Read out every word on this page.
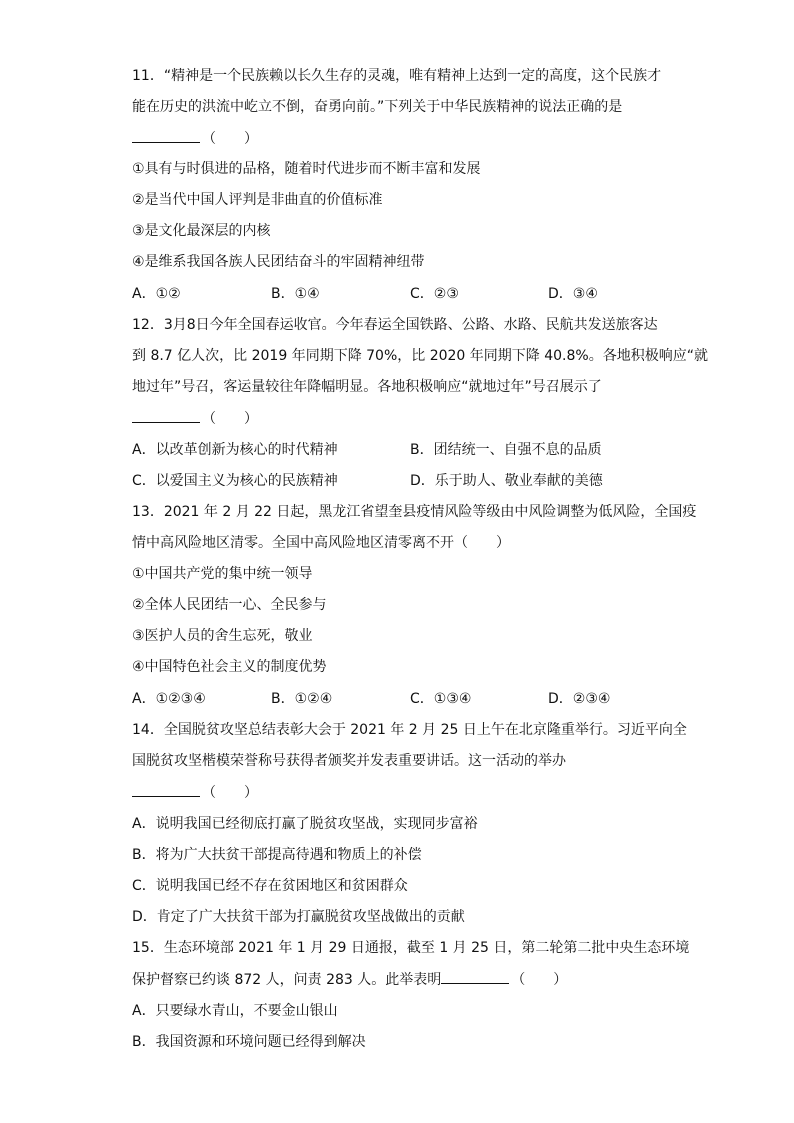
11．“精神是一个民族赖以长久生存的灵魂，唯有精神上达到一定的高度，这个民族才
能在历史的洪流中屹立不倒，奋勇向前。”下列关于中华民族精神的说法正确的是
（　　）
①具有与时俱进的品格，随着时代进步而不断丰富和发展
②是当代中国人评判是非曲直的价值标准
③是文化最深层的内核
④是维系我国各族人民团结奋斗的牢固精神纽带
A．①②	B．①④	C．②③	D．③④
12．3月8日今年全国春运收官。今年春运全国铁路、公路、水路、民航共发送旅客达
到 8.7 亿人次，比 2019 年同期下降 70%，比 2020 年同期下降 40.8%。各地积极响应“就
地过年”号召，客运量较往年降幅明显。各地积极响应“就地过年”号召展示了
（　　）
A．以改革创新为核心的时代精神	B．团结统一、自强不息的品质
C．以爱国主义为核心的民族精神	D．乐于助人、敬业奉献的美德
13．2021 年 2 月 22 日起，黑龙江省望奎县疫情风险等级由中风险调整为低风险，全国疫
情中高风险地区清零。全国中高风险地区清零离不开（　　）
①中国共产党的集中统一领导
②全体人民团结一心、全民参与
③医护人员的舍生忘死，敬业
④中国特色社会主义的制度优势
A．①②③④	B．①②④	C．①③④	D．②③④
14．全国脱贫攻坚总结表彰大会于 2021 年 2 月 25 日上午在北京隆重举行。习近平向全
国脱贫攻坚楷模荣誉称号获得者颁奖并发表重要讲话。这一活动的举办
（　　）
A．说明我国已经彻底打赢了脱贫攻坚战，实现同步富裕
B．将为广大扶贫干部提高待遇和物质上的补偿
C．说明我国已经不存在贫困地区和贫困群众
D．肯定了广大扶贫干部为打赢脱贫攻坚战做出的贡献
15．生态环境部 2021 年 1 月 29 日通报，截至 1 月 25 日，第二轮第二批中央生态环境
保护督察已约谈 872 人，问责 283 人。此举表明	（　　）
A．只要绿水青山，不要金山银山
B．我国资源和环境问题已经得到解决
